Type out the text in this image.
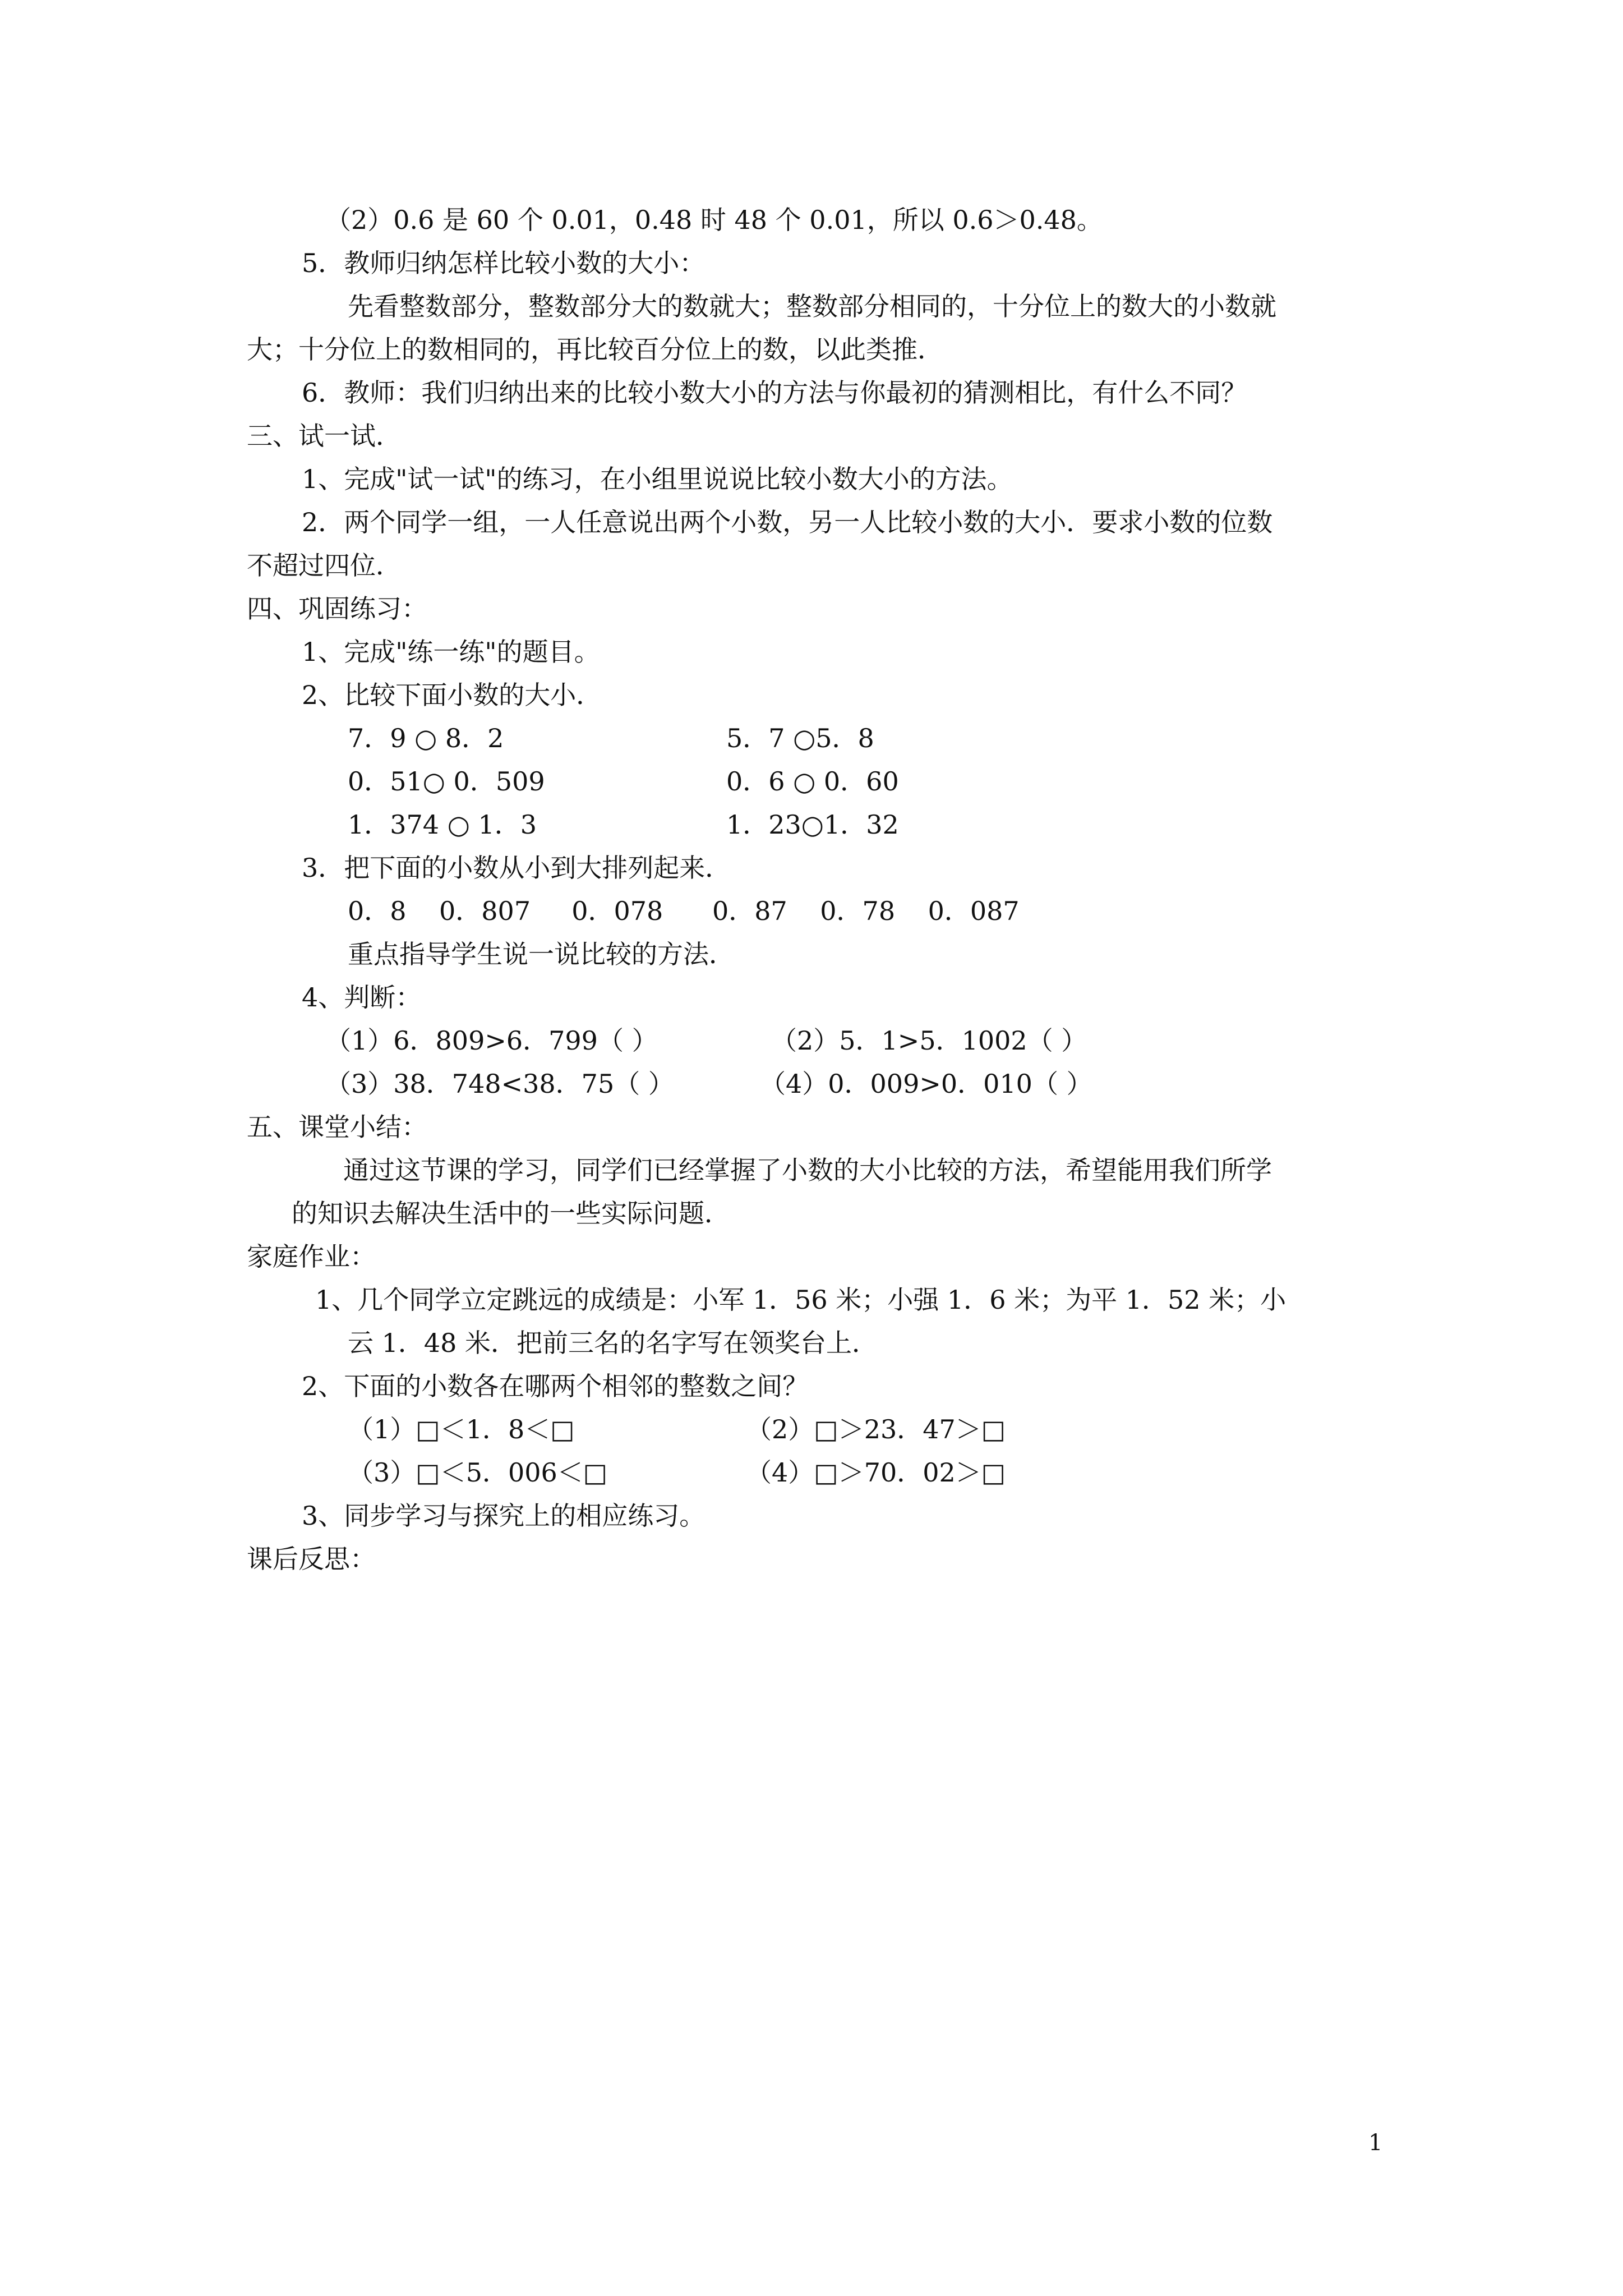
（2）0.6 是 60 个 0.01，0.48 时 48 个 0.01，所以 0.6＞0.48。
5．教师归纳怎样比较小数的大小：
先看整数部分，整数部分大的数就大；整数部分相同的，十分位上的数大的小数就
大；十分位上的数相同的，再比较百分位上的数，以此类推．
6．教师：我们归纳出来的比较小数大小的方法与你最初的猜测相比，有什么不同？
三、试一试．
1、完成"试一试"的练习，在小组里说说比较小数大小的方法。
2．两个同学一组，一人任意说出两个小数，另一人比较小数的大小．要求小数的位数
不超过四位．
四、巩固练习：
1、完成"练一练"的题目。
2、比较下面小数的大小．
7．9 ○ 8．2	5．7 ○5．8
0．51○ 0．509	0．6 ○ 0．60
1．374 ○ 1．3	1．23○1．32
3．把下面的小数从小到大排列起来．
0．8    0．807     0．078      0．87    0．78    0．087
重点指导学生说一说比较的方法．
4、判断：
（1）6．809>6．799（ ）	（2）5．1>5．1002（ ）
（3）38．748<38．75（ ）	（4）0．009>0．010（ ）
五、课堂小结：
通过这节课的学习，同学们已经掌握了小数的大小比较的方法，希望能用我们所学
的知识去解决生活中的一些实际问题．
家庭作业：
1、几个同学立定跳远的成绩是：小军 1．56 米；小强 1．6 米；为平 1．52 米；小
云 1．48 米．把前三名的名字写在领奖台上．
2、下面的小数各在哪两个相邻的整数之间？
（1）□＜1．8＜□	（2）□＞23．47＞□
（3）□＜5．006＜□	（4）□＞70．02＞□
3、同步学习与探究上的相应练习。
课后反思：
1
